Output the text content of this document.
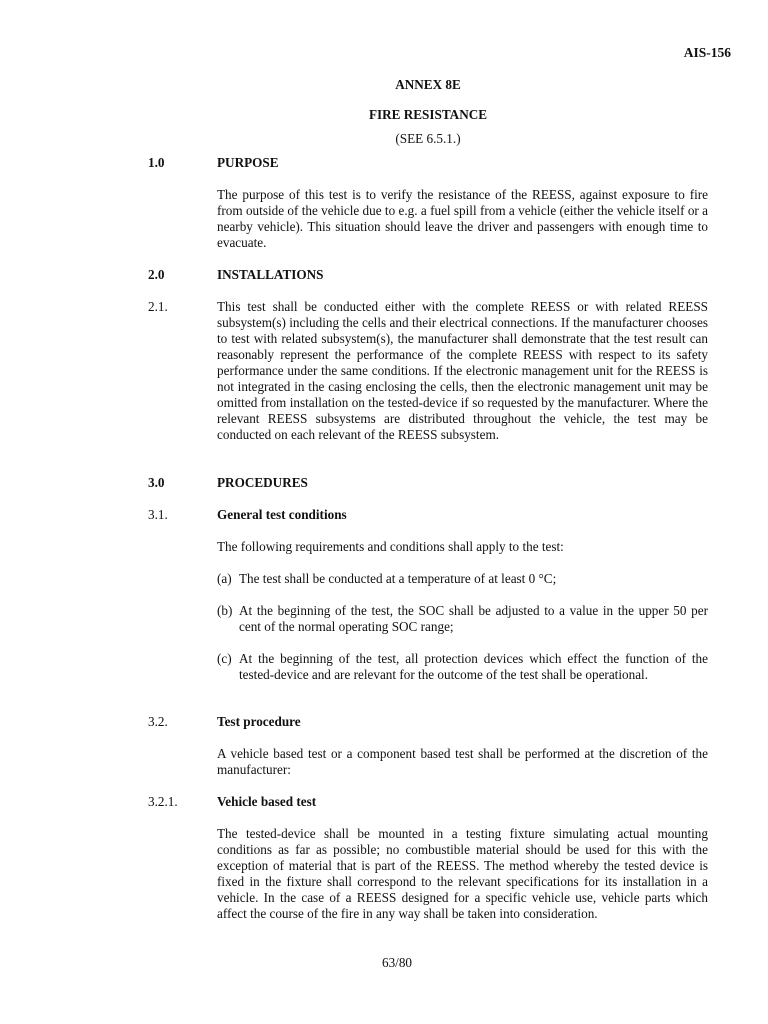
AIS-156
ANNEX 8E
FIRE RESISTANCE
(SEE 6.5.1.)
1.0	PURPOSE
The purpose of this test is to verify the resistance of the REESS, against exposure to fire from outside of the vehicle due to e.g. a fuel spill from a vehicle (either the vehicle itself or a nearby vehicle). This situation should leave the driver and passengers with enough time to evacuate.
2.0	INSTALLATIONS
2.1.	This test shall be conducted either with the complete REESS or with related REESS subsystem(s) including the cells and their electrical connections. If the manufacturer chooses to test with related subsystem(s), the manufacturer shall demonstrate that the test result can reasonably represent the performance of the complete REESS with respect to its safety performance under the same conditions. If the electronic management unit for the REESS is not integrated in the casing enclosing the cells, then the electronic management unit may be omitted from installation on the tested-device if so requested by the manufacturer. Where the relevant REESS subsystems are distributed throughout the vehicle, the test may be conducted on each relevant of the REESS subsystem.
3.0	PROCEDURES
3.1.	General test conditions
The following requirements and conditions shall apply to the test:
(a) The test shall be conducted at a temperature of at least 0 °C;
(b) At the beginning of the test, the SOC shall be adjusted to a value in the upper 50 per cent of the normal operating SOC range;
(c) At the beginning of the test, all protection devices which effect the function of the tested-device and are relevant for the outcome of the test shall be operational.
3.2.	Test procedure
A vehicle based test or a component based test shall be performed at the discretion of the manufacturer:
3.2.1.	Vehicle based test
The tested-device shall be mounted in a testing fixture simulating actual mounting conditions as far as possible; no combustible material should be used for this with the exception of material that is part of the REESS. The method whereby the tested device is fixed in the fixture shall correspond to the relevant specifications for its installation in a vehicle. In the case of a REESS designed for a specific vehicle use, vehicle parts which affect the course of the fire in any way shall be taken into consideration.
63/80
